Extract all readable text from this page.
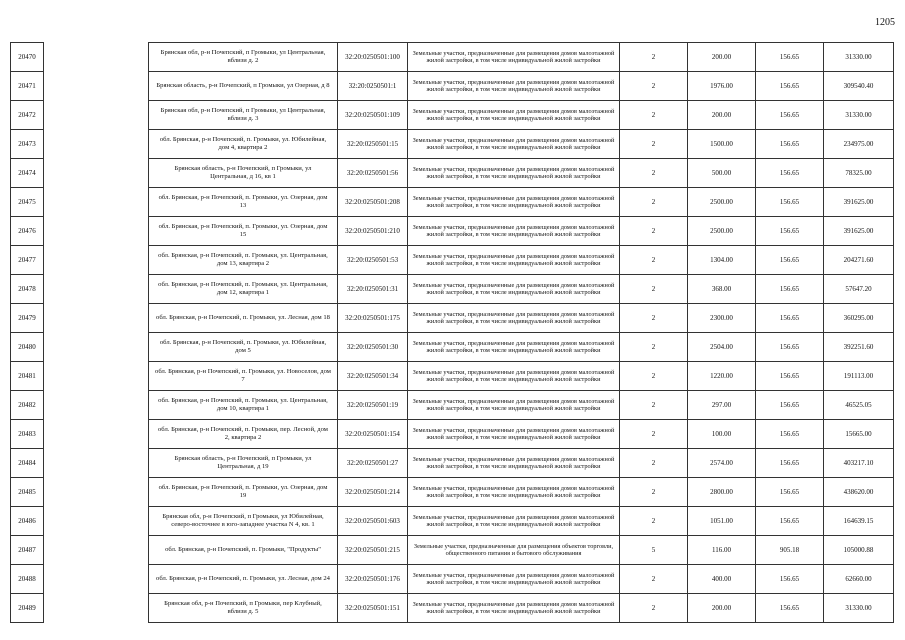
1205
20470		Брянская обл, р-н Почепский, п Громыки, ул Центральная, вблизи д. 2	32:20:0250501:100	Земельные участки, предназначенные для размещения домов малоэтажной жилой застройки, в том числе индивидуальной жилой застройки	2	200.00	156.65	31330.00
20471		Брянская область, р-н Почепский, п Громыки, ул Озерная, д 8	32:20:0250501:1	Земельные участки, предназначенные для размещения домов малоэтажной жилой застройки, в том числе индивидуальной жилой застройки	2	1976.00	156.65	309540.40
20472		Брянская обл, р-н Почепский, п Громыки, ул Центральная, вблизи д. 3	32:20:0250501:109	Земельные участки, предназначенные для размещения домов малоэтажной жилой застройки, в том числе индивидуальной жилой застройки	2	200.00	156.65	31330.00
20473		обл. Брянская, р-н Почепский, п. Громыки, ул. Юбилейная, дом 4, квартира 2	32:20:0250501:15	Земельные участки, предназначенные для размещения домов малоэтажной жилой застройки, в том числе индивидуальной жилой застройки	2	1500.00	156.65	234975.00
20474		Брянская область, р-н Почепский, п Громыки, ул Центральная, д 16, кв 1	32:20:0250501:56	Земельные участки, предназначенные для размещения домов малоэтажной жилой застройки, в том числе индивидуальной жилой застройки	2	500.00	156.65	78325.00
20475		обл. Брянская, р-н Почепский, п. Громыки, ул. Озерная, дом 13	32:20:0250501:208	Земельные участки, предназначенные для размещения домов малоэтажной жилой застройки, в том числе индивидуальной жилой застройки	2	2500.00	156.65	391625.00
20476		обл. Брянская, р-н Почепский, п. Громыки, ул. Озерная, дом 15	32:20:0250501:210	Земельные участки, предназначенные для размещения домов малоэтажной жилой застройки, в том числе индивидуальной жилой застройки	2	2500.00	156.65	391625.00
20477		обл. Брянская, р-н Почепский, п. Громыки, ул. Центральная, дом 13, квартира 2	32:20:0250501:53	Земельные участки, предназначенные для размещения домов малоэтажной жилой застройки, в том числе индивидуальной жилой застройки	2	1304.00	156.65	204271.60
20478		обл. Брянская, р-н Почепский, п. Громыки, ул. Центральная, дом 12, квартира 1	32:20:0250501:31	Земельные участки, предназначенные для размещения домов малоэтажной жилой застройки, в том числе индивидуальной жилой застройки	2	368.00	156.65	57647.20
20479		обл. Брянская, р-н Почепский, п. Громыки, ул. Лесная, дом 18	32:20:0250501:175	Земельные участки, предназначенные для размещения домов малоэтажной жилой застройки, в том числе индивидуальной жилой застройки	2	2300.00	156.65	360295.00
20480		обл. Брянская, р-н Почепский, п. Громыки, ул. Юбилейная, дом 5	32:20:0250501:30	Земельные участки, предназначенные для размещения домов малоэтажной жилой застройки, в том числе индивидуальной жилой застройки	2	2504.00	156.65	392251.60
20481		обл. Брянская, р-н Почепский, п. Громыки, ул. Новоселов, дом 7	32:20:0250501:34	Земельные участки, предназначенные для размещения домов малоэтажной жилой застройки, в том числе индивидуальной жилой застройки	2	1220.00	156.65	191113.00
20482		обл. Брянская, р-н Почепский, п. Громыки, ул. Центральная, дом 10, квартира 1	32:20:0250501:19	Земельные участки, предназначенные для размещения домов малоэтажной жилой застройки, в том числе индивидуальной жилой застройки	2	297.00	156.65	46525.05
20483		обл. Брянская, р-н Почепский, п. Громыки, пер. Лесной, дом 2, квартира 2	32:20:0250501:154	Земельные участки, предназначенные для размещения домов малоэтажной жилой застройки, в том числе индивидуальной жилой застройки	2	100.00	156.65	15665.00
20484		Брянская область, р-н Почепский, п Громыки, ул Центральная, д 19	32:20:0250501:27	Земельные участки, предназначенные для размещения домов малоэтажной жилой застройки, в том числе индивидуальной жилой застройки	2	2574.00	156.65	403217.10
20485		обл. Брянская, р-н Почепский, п. Громыки, ул. Озерная, дом 19	32:20:0250501:214	Земельные участки, предназначенные для размещения домов малоэтажной жилой застройки, в том числе индивидуальной жилой застройки	2	2800.00	156.65	438620.00
20486		Брянская обл, р-н Почепский, п Громыки, ул Юбилейная, северо-восточнее в юго-западнее участка N 4, кв. 1	32:20:0250501:603	Земельные участки, предназначенные для размещения домов малоэтажной жилой застройки, в том числе индивидуальной жилой застройки	2	1051.00	156.65	164639.15
20487		обл. Брянская, р-н Почепский, п. Громыки, "Продукты"	32:20:0250501:215	Земельные участки, предназначенные для размещения объектов торговли, общественного питания и бытового обслуживания	5	116.00	905.18	105000.88
20488		обл. Брянская, р-н Почепский, п. Громыки, ул. Лесная, дом 24	32:20:0250501:176	Земельные участки, предназначенные для размещения домов малоэтажной жилой застройки, в том числе индивидуальной жилой застройки	2	400.00	156.65	62660.00
20489		Брянская обл, р-н Почепский, п Громыки, пер Клубный, вблизи д. 5	32:20:0250501:151	Земельные участки, предназначенные для размещения домов малоэтажной жилой застройки, в том числе индивидуальной жилой застройки	2	200.00	156.65	31330.00
